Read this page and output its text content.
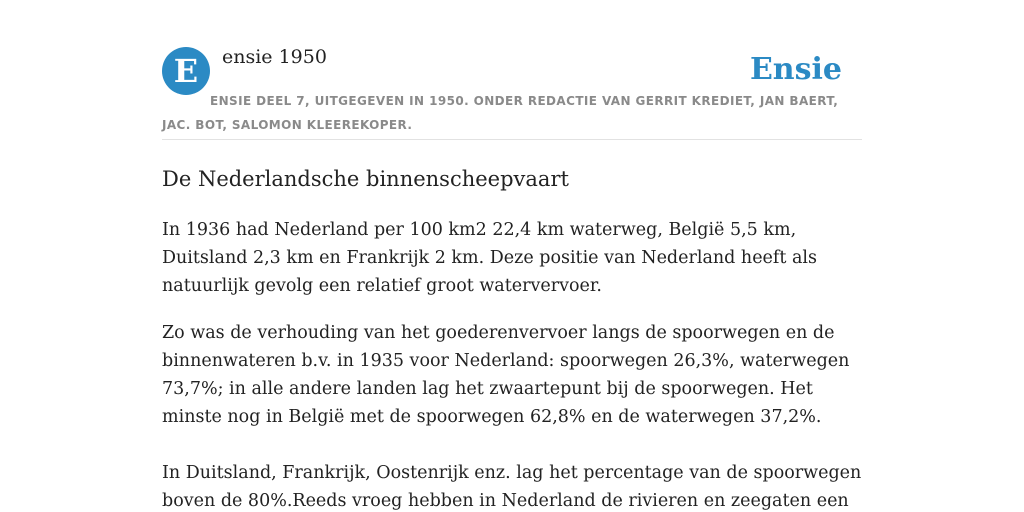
E	ensie 1950	Ensie
ENSIE DEEL 7, UITGEGEVEN IN 1950. ONDER REDACTIE VAN GERRIT KREDIET, JAN BAERT, JAC. BOT, SALOMON KLEEREKOPER.
De Nederlandsche binnenscheepvaart

In 1936 had Nederland per 100 km2 22,4 km waterweg, België 5,5 km, Duitsland 2,3 km en Frankrijk 2 km. Deze positie van Nederland heeft als natuurlijk gevolg een relatief groot watervervoer.

Zo was de verhouding van het goederenvervoer langs de spoorwegen en de binnenwateren b.v. in 1935 voor Nederland: spoorwegen 26,3%, waterwegen 73,7%; in alle andere landen lag het zwaartepunt bij de spoorwegen. Het minste nog in België met de spoorwegen 62,8% en de waterwegen 37,2%.

In Duitsland, Frankrijk, Oostenrijk enz. lag het percentage van de spoorwegen boven de 80%.Reeds vroeg hebben in Nederland de rivieren en zeegaten een
